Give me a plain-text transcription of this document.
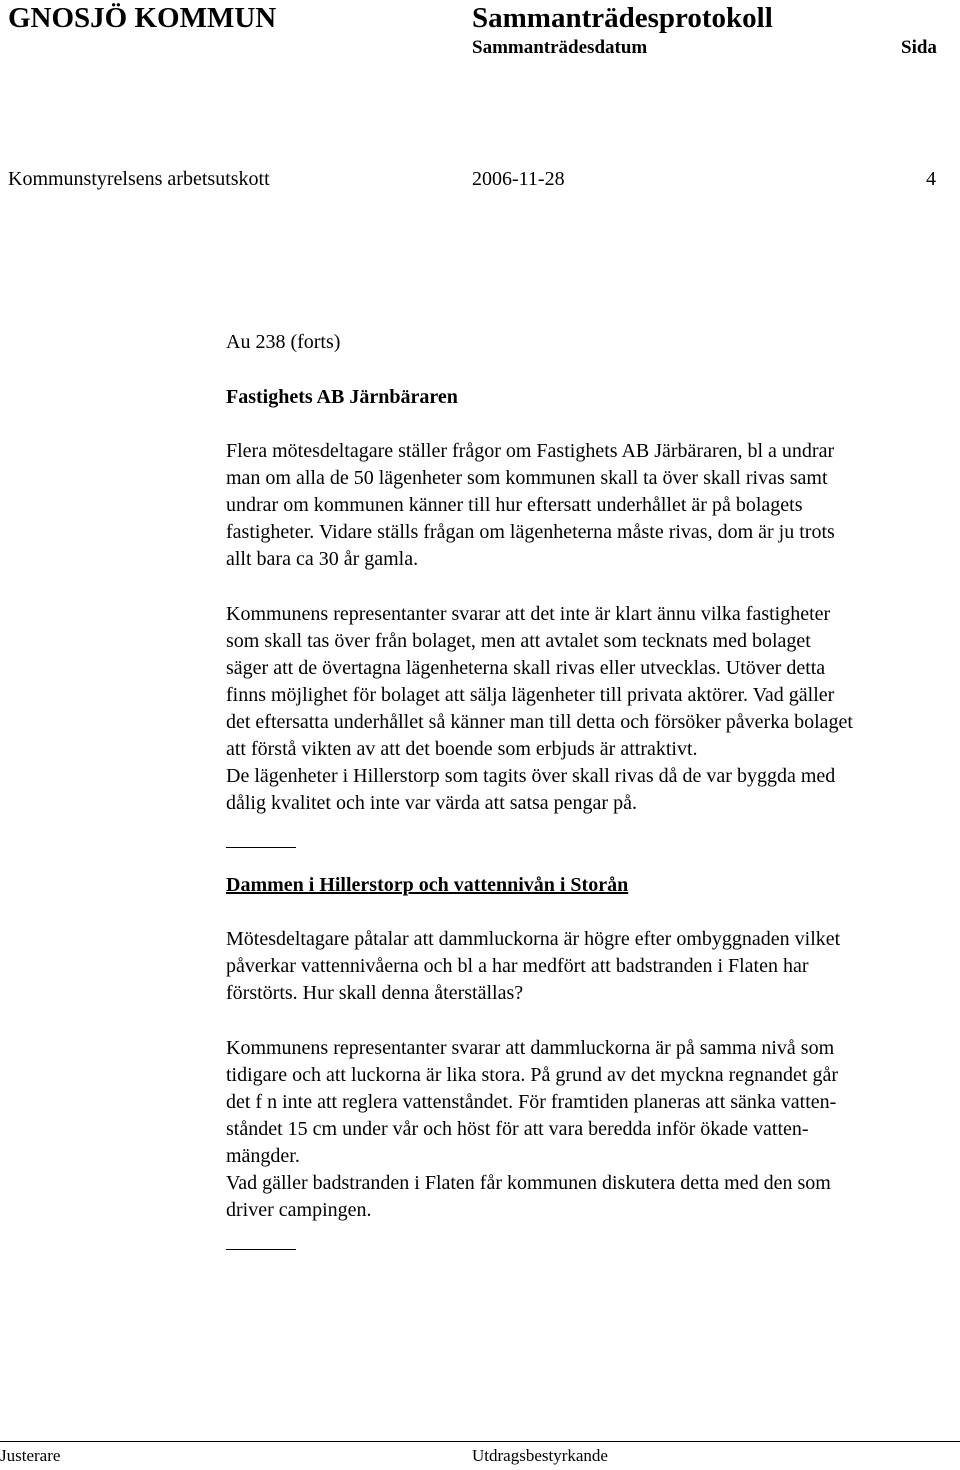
GNOSJÖ KOMMUN	Sammanträdesprotokoll
Sammanträdesdatum	Sida
Kommunstyrelsens arbetsutskott	2006-11-28	4
Au 238 (forts)
Fastighets AB Järnbäraren
Flera mötesdeltagare ställer frågor om Fastighets AB Järbäraren, bl a undrar
man om alla de 50 lägenheter som kommunen skall ta över skall rivas samt
undrar om kommunen känner till hur eftersatt underhållet är på bolagets
fastigheter. Vidare ställs frågan om lägenheterna måste rivas, dom är ju trots
allt bara ca 30 år gamla.
Kommunens representanter svarar att det inte är klart ännu vilka fastigheter
som skall tas över från bolaget, men att avtalet som tecknats med bolaget
säger att de övertagna lägenheterna skall rivas eller utvecklas. Utöver detta
finns möjlighet för bolaget att sälja lägenheter till privata aktörer. Vad gäller
det eftersatta underhållet så känner man till detta och försöker påverka bolaget
att förstå vikten av att det boende som erbjuds är attraktivt.
De lägenheter i Hillerstorp som tagits över skall rivas då de var byggda med
dålig kvalitet och inte var värda att satsa pengar på.
Dammen i Hillerstorp och vattennivån i Storån
Mötesdeltagare påtalar att dammluckorna är högre efter ombyggnaden vilket
påverkar vattennivåerna och bl a har medfört att badstranden i Flaten har
förstörts. Hur skall denna återställas?
Kommunens representanter svarar att dammluckorna är på samma nivå som
tidigare och att luckorna är lika stora. På grund av det myckna regnandet går
det f n inte att reglera vattenståndet. För framtiden planeras att sänka vatten-
ståndet 15 cm under vår och höst för att vara beredda inför ökade vatten-
mängder.
Vad gäller badstranden i Flaten får kommunen diskutera detta med den som
driver campingen.
Justerare	Utdragsbestyrkande
